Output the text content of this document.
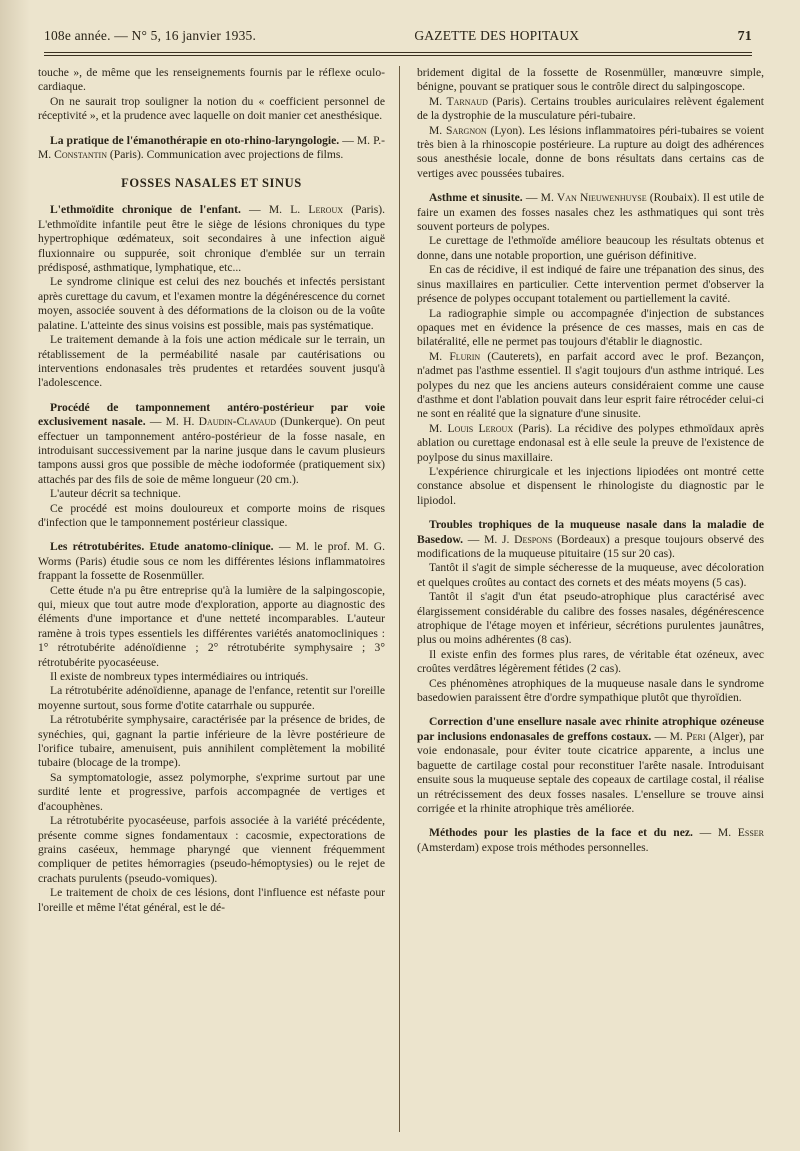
108e année. — N° 5, 16 janvier 1935.	GAZETTE DES HOPITAUX	71

touche », de même que les renseignements fournis par le réflexe oculo-cardiaque.

On ne saurait trop souligner la notion du « coefficient personnel de réceptivité », et la prudence avec laquelle on doit manier cet anesthésique.

La pratique de l'émanothérapie en oto-rhino-laryngologie. — M. P.-M. Constantin (Paris). Communication avec projections de films.

FOSSES NASALES ET SINUS

L'ethmoïdite chronique de l'enfant. — M. L. Leroux (Paris). L'ethmoïdite infantile peut être le siège de lésions chroniques du type hypertrophique œdémateux, soit secondaires à une infection aiguë fluxionnaire ou suppurée, soit chronique d'emblée sur un terrain prédisposé, asthmatique, lymphatique, etc...

Le syndrome clinique est celui des nez bouchés et infectés persistant après curettage du cavum, et l'examen montre la dégénérescence du cornet moyen, associée souvent à des déformations de la cloison ou de la voûte palatine. L'atteinte des sinus voisins est possible, mais pas systématique.

Le traitement demande à la fois une action médicale sur le terrain, un rétablissement de la perméabilité nasale par cautérisations ou interventions endonasales très prudentes et retardées souvent jusqu'à l'adolescence.

Procédé de tamponnement antéro-postérieur par voie exclusivement nasale. — M. H. Daudin-Clavaud (Dunkerque). On peut effectuer un tamponnement antéro-postérieur de la fosse nasale, en introduisant successivement par la narine jusque dans le cavum plusieurs tampons aussi gros que possible de mèche iodoformée (pratiquement six) attachés par des fils de soie de même longueur (20 cm.).

L'auteur décrit sa technique.

Ce procédé est moins douloureux et comporte moins de risques d'infection que le tamponnement postérieur classique.

Les rétrotubérites. Etude anatomo-clinique. — M. le prof. M. G. Worms (Paris) étudie sous ce nom les différentes lésions inflammatoires frappant la fossette de Rosenmüller.

Cette étude n'a pu être entreprise qu'à la lumière de la salpingoscopie, qui, mieux que tout autre mode d'exploration, apporte au diagnostic des éléments d'une importance et d'une netteté incomparables. L'auteur ramène à trois types essentiels les différentes variétés anatomocliniques : 1° rétrotubérite adénoïdienne ; 2° rétrotubérite symphysaire ; 3° rétrotubérite pyocaséeuse.

Il existe de nombreux types intermédiaires ou intriqués.

La rétrotubérite adénoïdienne, apanage de l'enfance, retentit sur l'oreille moyenne surtout, sous forme d'otite catarrhale ou suppurée.

La rétrotubérite symphysaire, caractérisée par la présence de brides, de synéchies, qui, gagnant la partie inférieure de la lèvre postérieure de l'orifice tubaire, amenuisent, puis annihilent complètement la mobilité tubaire (blocage de la trompe).

Sa symptomatologie, assez polymorphe, s'exprime surtout par une surdité lente et progressive, parfois accompagnée de vertiges et d'acouphènes.

La rétrotubérite pyocaséeuse, parfois associée à la variété précédente, présente comme signes fondamentaux : cacosmie, expectorations de grains caséeux, hemmage pharyngé que viennent fréquemment compliquer de petites hémorragies (pseudo-hémoptysies) ou le rejet de crachats purulents (pseudo-vomiques).

Le traitement de choix de ces lésions, dont l'influence est néfaste pour l'oreille et même l'état général, est le dé-

bridement digital de la fossette de Rosenmüller, manœuvre simple, bénigne, pouvant se pratiquer sous le contrôle direct du salpingoscope.

M. Tarnaud (Paris). Certains troubles auriculaires relèvent également de la dystrophie de la musculature péri-tubaire.

M. Sargnon (Lyon). Les lésions inflammatoires péri-tubaires se voient très bien à la rhinoscopie postérieure. La rupture au doigt des adhérences sous anesthésie locale, donne de bons résultats dans certains cas de vertiges avec poussées tubaires.

Asthme et sinusite. — M. Van Nieuwenhuyse (Roubaix). Il est utile de faire un examen des fosses nasales chez les asthmatiques qui sont très souvent porteurs de polypes.

Le curettage de l'ethmoïde améliore beaucoup les résultats obtenus et donne, dans une notable proportion, une guérison définitive.

En cas de récidive, il est indiqué de faire une trépanation des sinus, des sinus maxillaires en particulier. Cette intervention permet d'observer la présence de polypes occupant totalement ou partiellement la cavité.

La radiographie simple ou accompagnée d'injection de substances opaques met en évidence la présence de ces masses, mais en cas de bilatéralité, elle ne permet pas toujours d'établir le diagnostic.

M. Flurin (Cauterets), en parfait accord avec le prof. Bezançon, n'admet pas l'asthme essentiel. Il s'agit toujours d'un asthme intriqué. Les polypes du nez que les anciens auteurs considéraient comme une cause d'asthme et dont l'ablation pouvait dans leur esprit faire rétrocéder celui-ci ne sont en réalité que la signature d'une sinusite.

M. Louis Leroux (Paris). La récidive des polypes ethmoïdaux après ablation ou curettage endonasal est à elle seule la preuve de l'existence de poylpose du sinus maxillaire.

L'expérience chirurgicale et les injections lipiodées ont montré cette constance absolue et dispensent le rhinologiste du diagnostic par le lipiodol.

Troubles trophiques de la muqueuse nasale dans la maladie de Basedow. — M. J. Despons (Bordeaux) a presque toujours observé des modifications de la muqueuse pituitaire (15 sur 20 cas).

Tantôt il s'agit de simple sécheresse de la muqueuse, avec décoloration et quelques croûtes au contact des cornets et des méats moyens (5 cas).

Tantôt il s'agit d'un état pseudo-atrophique plus caractérisé avec élargissement considérable du calibre des fosses nasales, dégénérescence atrophique de l'étage moyen et inférieur, sécrétions purulentes jaunâtres, plus ou moins adhérentes (8 cas).

Il existe enfin des formes plus rares, de véritable état ozéneux, avec croûtes verdâtres légèrement fétides (2 cas).

Ces phénomènes atrophiques de la muqueuse nasale dans le syndrome basedowien paraissent être d'ordre sympathique plutôt que thyroïdien.

Correction d'une ensellure nasale avec rhinite atrophique ozéneuse par inclusions endonasales de greffons costaux. — M. Peri (Alger), par voie endonasale, pour éviter toute cicatrice apparente, a inclus une baguette de cartilage costal pour reconstituer l'arête nasale. Introduisant ensuite sous la muqueuse septale des copeaux de cartilage costal, il réalise un rétrécissement des deux fosses nasales. L'ensellure se trouve ainsi corrigée et la rhinite atrophique très améliorée.

Méthodes pour les plasties de la face et du nez. — M. Esser (Amsterdam) expose trois méthodes personnelles.
